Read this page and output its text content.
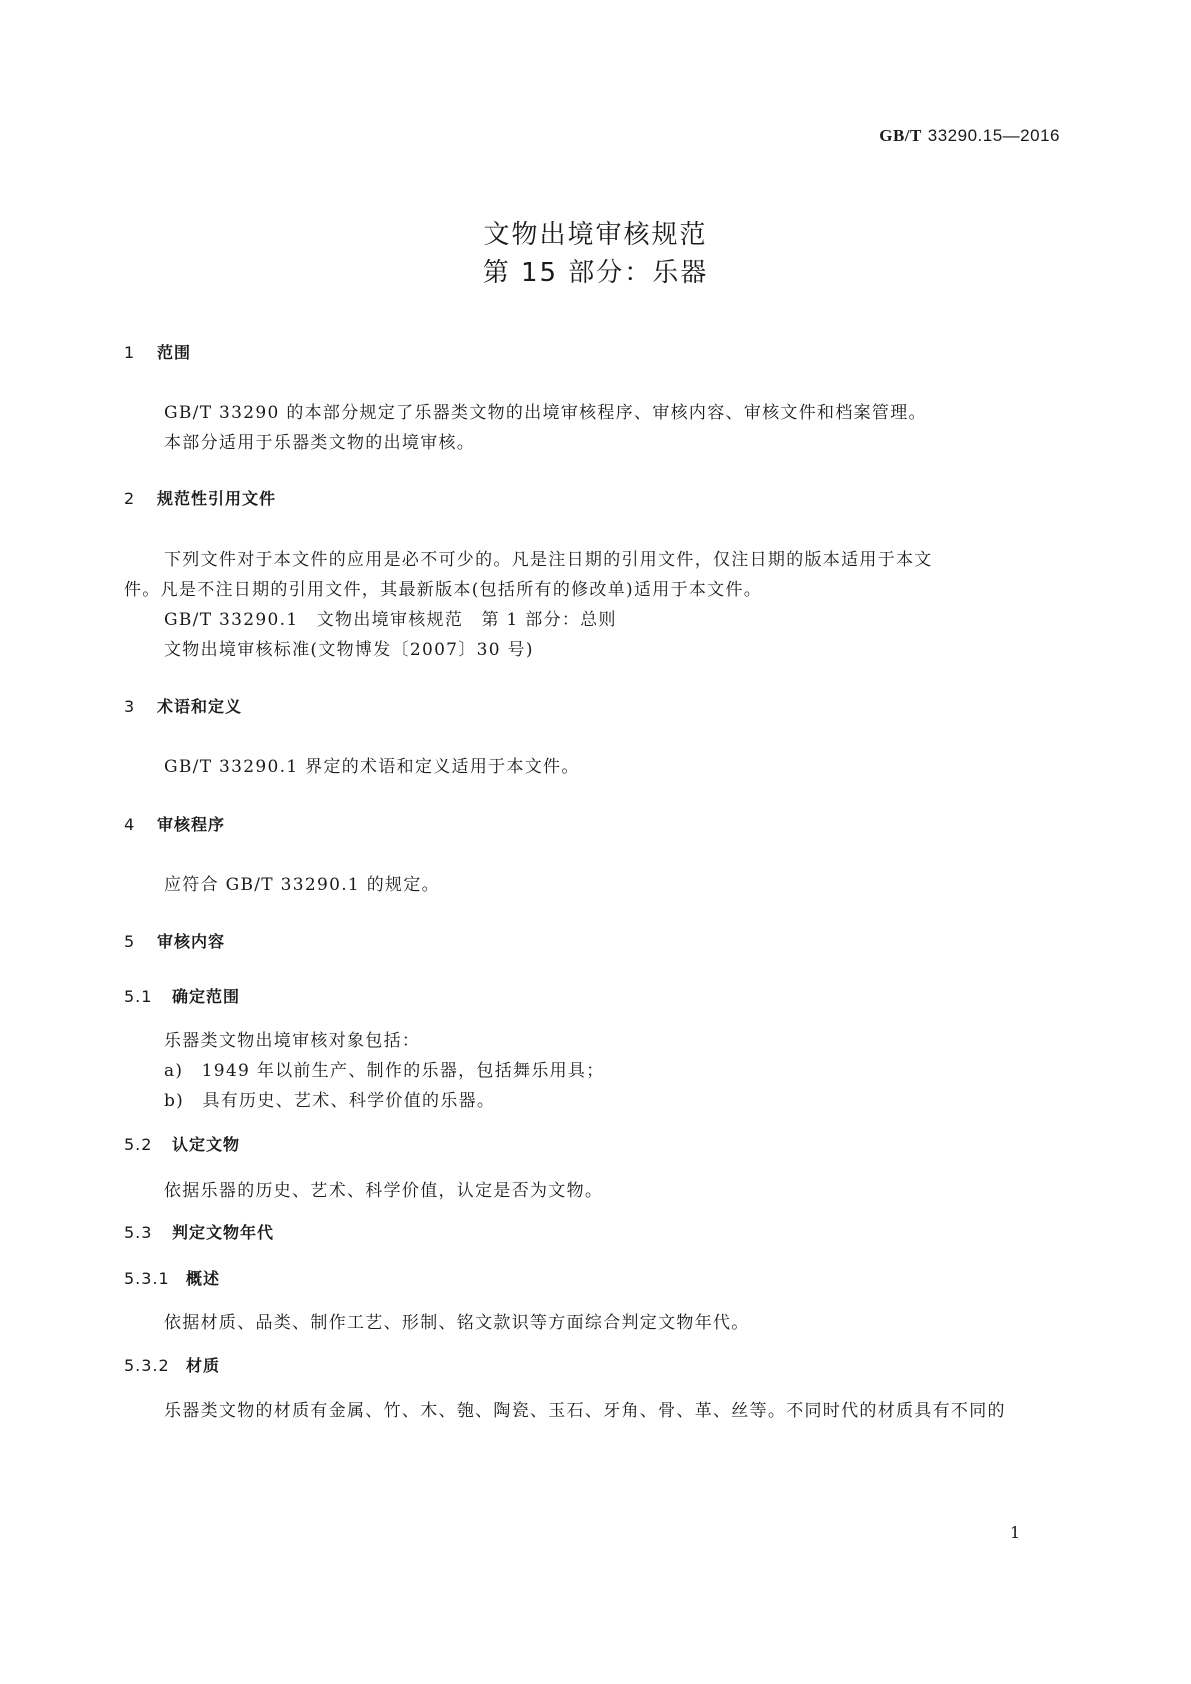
GB/T 33290.15—2016
文物出境审核规范
第 15 部分：乐器
1 范围
GB/T 33290 的本部分规定了乐器类文物的出境审核程序、审核内容、审核文件和档案管理。
本部分适用于乐器类文物的出境审核。
2 规范性引用文件
下列文件对于本文件的应用是必不可少的。凡是注日期的引用文件，仅注日期的版本适用于本文
件。凡是不注日期的引用文件，其最新版本(包括所有的修改单)适用于本文件。
GB/T 33290.1　文物出境审核规范　第 1 部分：总则
文物出境审核标准(文物博发〔2007〕30 号)
3 术语和定义
GB/T 33290.1 界定的术语和定义适用于本文件。
4 审核程序
应符合 GB/T 33290.1 的规定。
5 审核内容
5.1 确定范围
乐器类文物出境审核对象包括：
a)　1949 年以前生产、制作的乐器，包括舞乐用具；
b)　具有历史、艺术、科学价值的乐器。
5.2 认定文物
依据乐器的历史、艺术、科学价值，认定是否为文物。
5.3 判定文物年代
5.3.1 概述
依据材质、品类、制作工艺、形制、铭文款识等方面综合判定文物年代。
5.3.2 材质
乐器类文物的材质有金属、竹、木、匏、陶瓷、玉石、牙角、骨、革、丝等。不同时代的材质具有不同的
1
